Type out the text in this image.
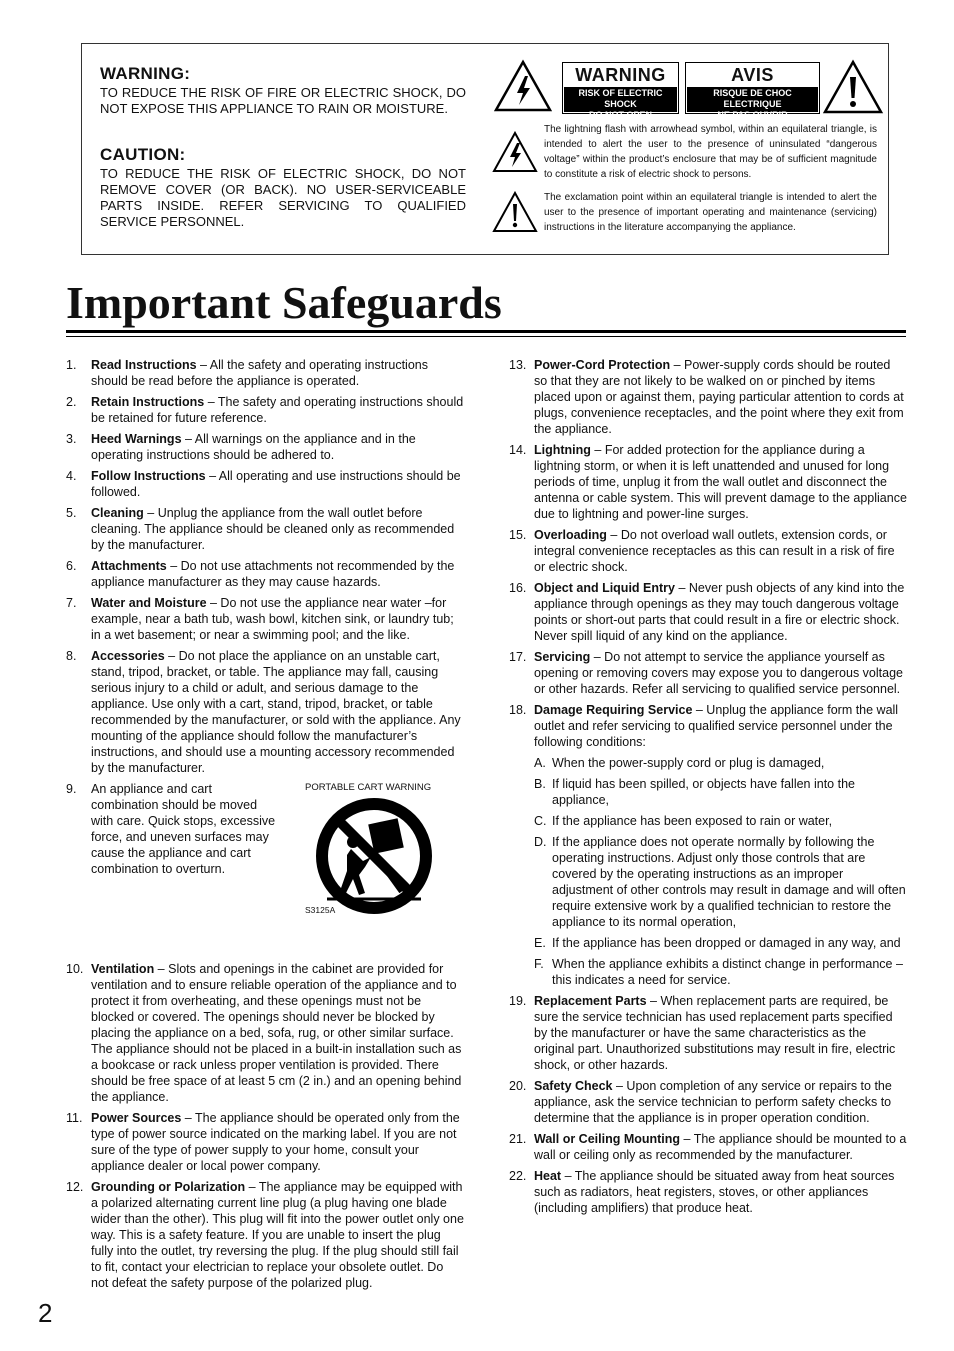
WARNING:

TO REDUCE THE RISK OF FIRE OR ELECTRIC SHOCK, DO NOT EXPOSE THIS APPLIANCE TO RAIN OR MOISTURE.

CAUTION:

TO REDUCE THE RISK OF ELECTRIC SHOCK, DO NOT REMOVE COVER (OR BACK). NO USER-SERVICEABLE PARTS INSIDE. REFER SERVICING TO QUALIFIED SERVICE PERSONNEL.

WARNING
RISK OF ELECTRIC SHOCK
DO NOT OPEN
AVIS
RISQUE DE CHOC ELECTRIQUE
NE PAS OUVRIR
The lightning flash with arrowhead symbol, within an equilateral triangle, is intended to alert the user to the presence of uninsulated “dangerous voltage” within the product’s enclosure that may be of sufficient magnitude to constitute a risk of electric shock to persons.
The exclamation point within an equilateral triangle is intended to alert the user to the presence of important operating and maintenance (servicing) instructions in the literature accompanying the appliance.
Important Safeguards
1.	Read Instructions – All the safety and operating instructions should be read before the appliance is operated.
2.	Retain Instructions – The safety and operating instructions should be retained for future reference.
3.	Heed Warnings – All warnings on the appliance and in the operating instructions should be adhered to.
4.	Follow Instructions – All operating and use instructions should be followed.
5.	Cleaning – Unplug the appliance from the wall outlet before cleaning. The appliance should be cleaned only as recommended by the manufacturer.
6.	Attachments – Do not use attachments not recommended by the appliance manufacturer as they may cause hazards.
7.	Water and Moisture – Do not use the appliance near water –for example, near a bath tub, wash bowl, kitchen sink, or laundry tub; in a wet basement; or near a swimming pool; and the like.
8.	Accessories – Do not place the appliance on an unstable cart, stand, tripod, bracket, or table. The appliance may fall, causing serious injury to a child or adult, and serious damage to the appliance. Use only with a cart, stand, tripod, bracket, or table recommended by the manufacturer, or sold with the appliance. Any mounting of the appliance should follow the manufacturer’s instructions, and should use a mounting accessory recommended by the manufacturer.
9.	An appliance and cart combination should be moved with care. Quick stops, excessive force, and uneven surfaces may cause the appliance and cart combination to overturn.
10. Ventilation – Slots and openings in the cabinet are provided for ventilation and to ensure reliable operation of the appliance and to protect it from overheating, and these openings must not be blocked or covered. The openings should never be blocked by placing the appliance on a bed, sofa, rug, or other similar surface. The appliance should not be placed in a built-in installation such as a bookcase or rack unless proper ventilation is provided. There should be free space of at least 5 cm (2 in.) and an opening behind the appliance.
11. Power Sources – The appliance should be operated only from the type of power source indicated on the marking label. If you are not sure of the type of power supply to your home, consult your appliance dealer or local power company.
12. Grounding or Polarization – The appliance may be equipped with a polarized alternating current line plug (a plug having one blade wider than the other). This plug will fit into the power outlet only one way. This is a safety feature. If you are unable to insert the plug fully into the outlet, try reversing the plug. If the plug should still fail to fit, contact your electrician to replace your obsolete outlet. Do not defeat the safety purpose of the polarized plug.
PORTABLE CART WARNING
S3125A
13. Power-Cord Protection – Power-supply cords should be routed so that they are not likely to be walked on or pinched by items placed upon or against them, paying particular attention to cords at plugs, convenience receptacles, and the point where they exit from the appliance.
14. Lightning – For added protection for the appliance during a lightning storm, or when it is left unattended and unused for long periods of time, unplug it from the wall outlet and disconnect the antenna or cable system. This will prevent damage to the appliance due to lightning and power-line surges.
15. Overloading – Do not overload wall outlets, extension cords, or integral convenience receptacles as this can result in a risk of fire or electric shock.
16. Object and Liquid Entry – Never push objects of any kind into the appliance through openings as they may touch dangerous voltage points or short-out parts that could result in a fire or electric shock. Never spill liquid of any kind on the appliance.
17. Servicing – Do not attempt to service the appliance yourself as opening or removing covers may expose you to dangerous voltage or other hazards. Refer all servicing to qualified service personnel.
18. Damage Requiring Service – Unplug the appliance form the wall outlet and refer servicing to qualified service personnel under the following conditions:
A. When the power-supply cord or plug is damaged,
B. If liquid has been spilled, or objects have fallen into the appliance,
C. If the appliance has been exposed to rain or water,
D. If the appliance does not operate normally by following the operating instructions. Adjust only those controls that are covered by the operating instructions as an improper adjustment of other controls may result in damage and will often require extensive work by a qualified technician to restore the appliance to its normal operation,
E. If the appliance has been dropped or damaged in any way, and
F. When the appliance exhibits a distinct change in performance – this indicates a need for service.
19. Replacement Parts – When replacement parts are required, be sure the service technician has used replacement parts specified by the manufacturer or have the same characteristics as the original part. Unauthorized substitutions may result in fire, electric shock, or other hazards.
20. Safety Check – Upon completion of any service or repairs to the appliance, ask the service technician to perform safety checks to determine that the appliance is in proper operation condition.
21. Wall or Ceiling Mounting – The appliance should be mounted to a wall or ceiling only as recommended by the manufacturer.
22. Heat – The appliance should be situated away from heat sources such as radiators, heat registers, stoves, or other appliances (including amplifiers) that produce heat.
2
